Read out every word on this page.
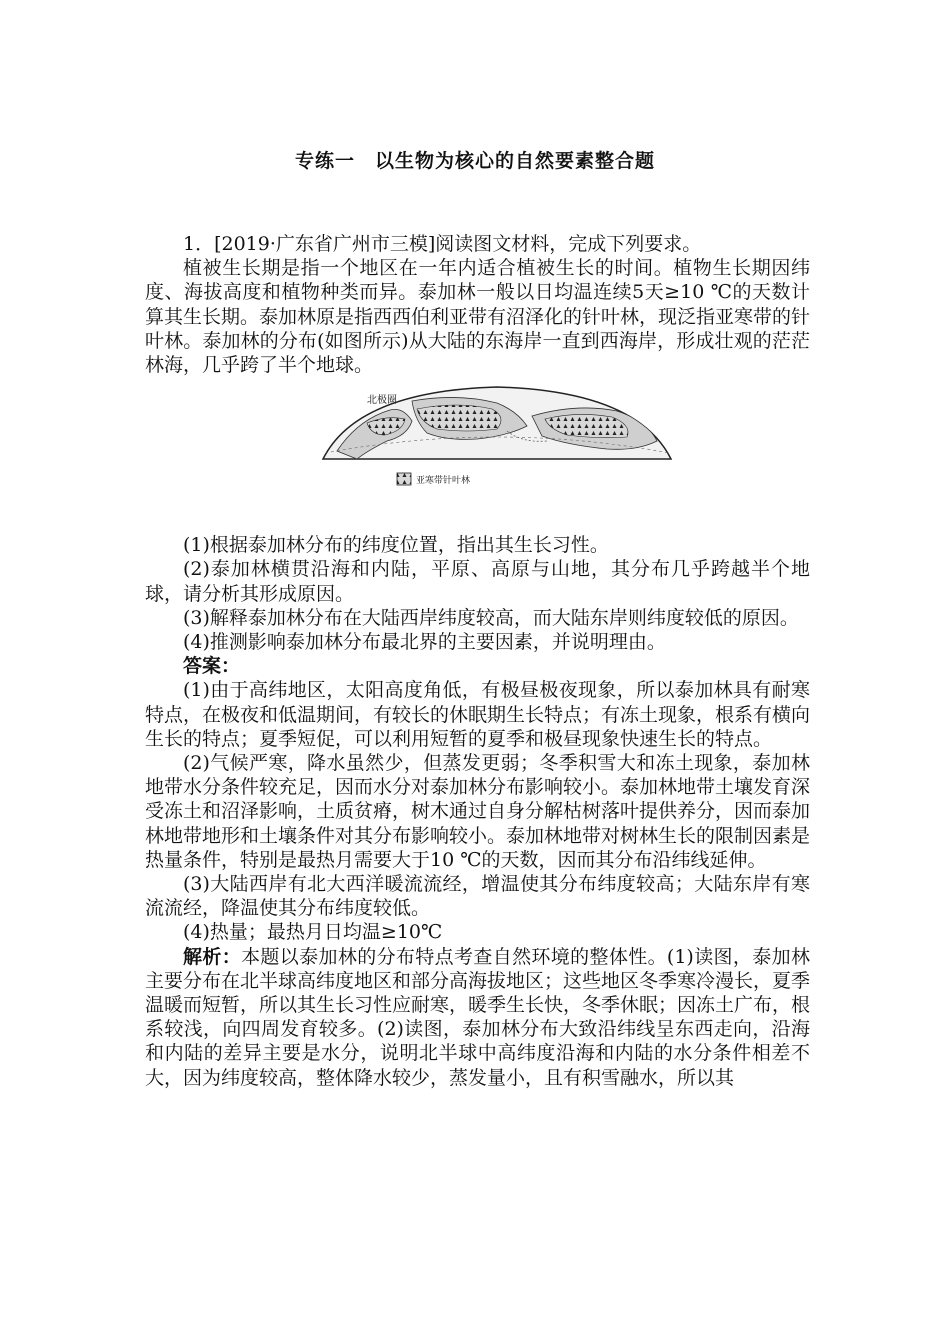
专练一　以生物为核心的自然要素整合题

1．[2019·广东省广州市三模]阅读图文材料，完成下列要求。

植被生长期是指一个地区在一年内适合植被生长的时间。植物生长期因纬度、海拔高度和植物种类而异。泰加林一般以日均温连续5天≥10 ℃的天数计算其生长期。泰加林原是指西西伯利亚带有沼泽化的针叶林，现泛指亚寒带的针叶林。泰加林的分布(如图所示)从大陆的东海岸一直到西海岸，形成壮观的茫茫林海，几乎跨了半个地球。

北极圈
亚寒带针叶林

(1)根据泰加林分布的纬度位置，指出其生长习性。

(2)泰加林横贯沿海和内陆，平原、高原与山地，其分布几乎跨越半个地球，请分析其形成原因。

(3)解释泰加林分布在大陆西岸纬度较高，而大陆东岸则纬度较低的原因。

(4)推测影响泰加林分布最北界的主要因素，并说明理由。

答案：

(1)由于高纬地区，太阳高度角低，有极昼极夜现象，所以泰加林具有耐寒特点，在极夜和低温期间，有较长的休眠期生长特点；有冻土现象，根系有横向生长的特点；夏季短促，可以利用短暂的夏季和极昼现象快速生长的特点。

(2)气候严寒，降水虽然少，但蒸发更弱；冬季积雪大和冻土现象，泰加林地带水分条件较充足，因而水分对泰加林分布影响较小。泰加林地带土壤发育深受冻土和沼泽影响，土质贫瘠，树木通过自身分解枯树落叶提供养分，因而泰加林地带地形和土壤条件对其分布影响较小。泰加林地带对树林生长的限制因素是热量条件，特别是最热月需要大于10 ℃的天数，因而其分布沿纬线延伸。

(3)大陆西岸有北大西洋暖流流经，增温使其分布纬度较高；大陆东岸有寒流流经，降温使其分布纬度较低。

(4)热量；最热月日均温≥10℃

解析：本题以泰加林的分布特点考查自然环境的整体性。(1)读图，泰加林主要分布在北半球高纬度地区和部分高海拔地区；这些地区冬季寒冷漫长，夏季温暖而短暂，所以其生长习性应耐寒，暖季生长快，冬季休眠；因冻土广布，根系较浅，向四周发育较多。(2)读图，泰加林分布大致沿纬线呈东西走向，沿海和内陆的差异主要是水分，说明北半球中高纬度沿海和内陆的水分条件相差不大，因为纬度较高，整体降水较少，蒸发量小，且有积雪融水，所以其
